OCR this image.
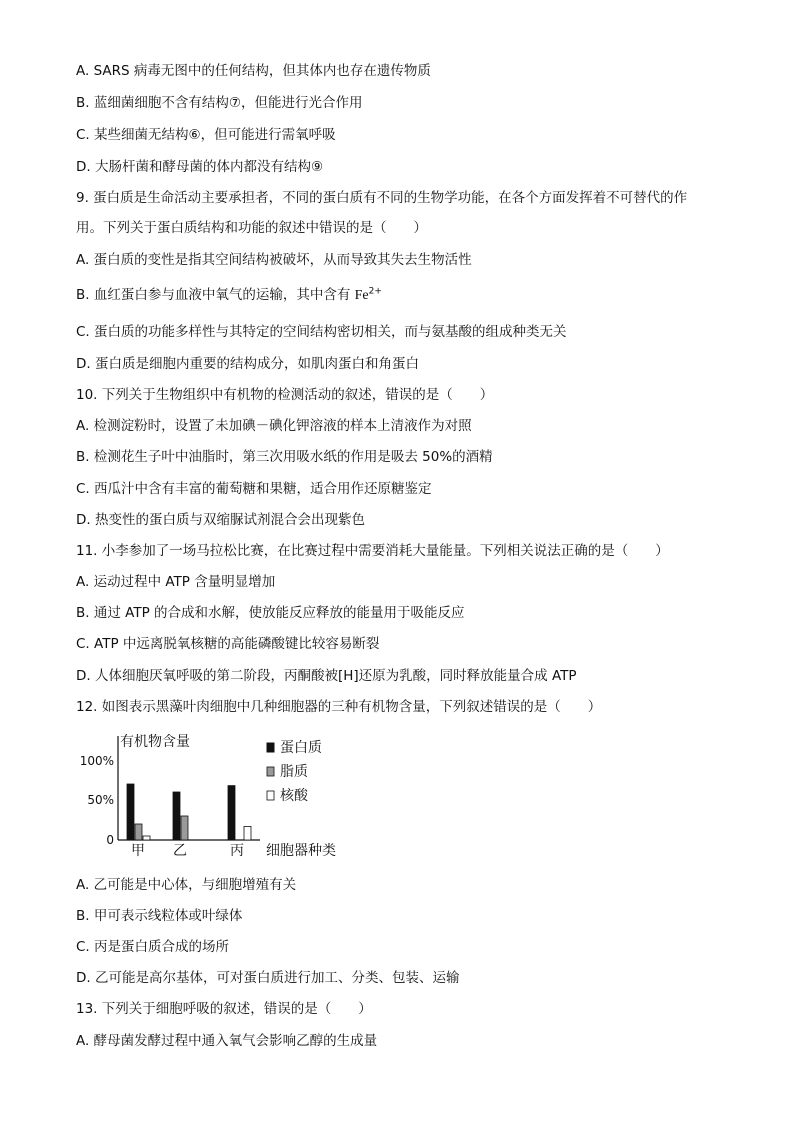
A. SARS 病毒无图中的任何结构，但其体内也存在遗传物质
B. 蓝细菌细胞不含有结构⑦，但能进行光合作用
C. 某些细菌无结构⑥，但可能进行需氧呼吸
D. 大肠杆菌和酵母菌的体内都没有结构⑨
9. 蛋白质是生命活动主要承担者，不同的蛋白质有不同的生物学功能，在各个方面发挥着不可替代的作
用。下列关于蛋白质结构和功能的叙述中错误的是（　　）
A. 蛋白质的变性是指其空间结构被破坏，从而导致其失去生物活性
B. 血红蛋白参与血液中氧气的运输，其中含有 $Fe^{2+}$
C. 蛋白质的功能多样性与其特定的空间结构密切相关，而与氨基酸的组成种类无关
D. 蛋白质是细胞内重要的结构成分，如肌肉蛋白和角蛋白
10. 下列关于生物组织中有机物的检测活动的叙述，错误的是（　　）
A. 检测淀粉时，设置了未加碘－碘化钾溶液的样本上清液作为对照
B. 检测花生子叶中油脂时，第三次用吸水纸的作用是吸去 50%的酒精
C. 西瓜汁中含有丰富的葡萄糖和果糖，适合用作还原糖鉴定
D. 热变性的蛋白质与双缩脲试剂混合会出现紫色
11. 小李参加了一场马拉松比赛，在比赛过程中需要消耗大量能量。下列相关说法正确的是（　　）
A. 运动过程中 ATP 含量明显增加
B. 通过 ATP 的合成和水解，使放能反应释放的能量用于吸能反应
C. ATP 中远离脱氧核糖的高能磷酸键比较容易断裂
D. 人体细胞厌氧呼吸的第二阶段，丙酮酸被[H]还原为乳酸，同时释放能量合成 ATP
12. 如图表示黑藻叶肉细胞中几种细胞器的三种有机物含量，下列叙述错误的是（　　）
有机物含量
细胞器种类
100%
50%
0
甲 乙	丙
蛋白质
脂质
核酸
A. 乙可能是中心体，与细胞增殖有关
B. 甲可表示线粒体或叶绿体
C. 丙是蛋白质合成的场所
D. 乙可能是高尔基体，可对蛋白质进行加工、分类、包装、运输
13. 下列关于细胞呼吸的叙述，错误的是（　　）
A. 酵母菌发酵过程中通入氧气会影响乙醇的生成量
